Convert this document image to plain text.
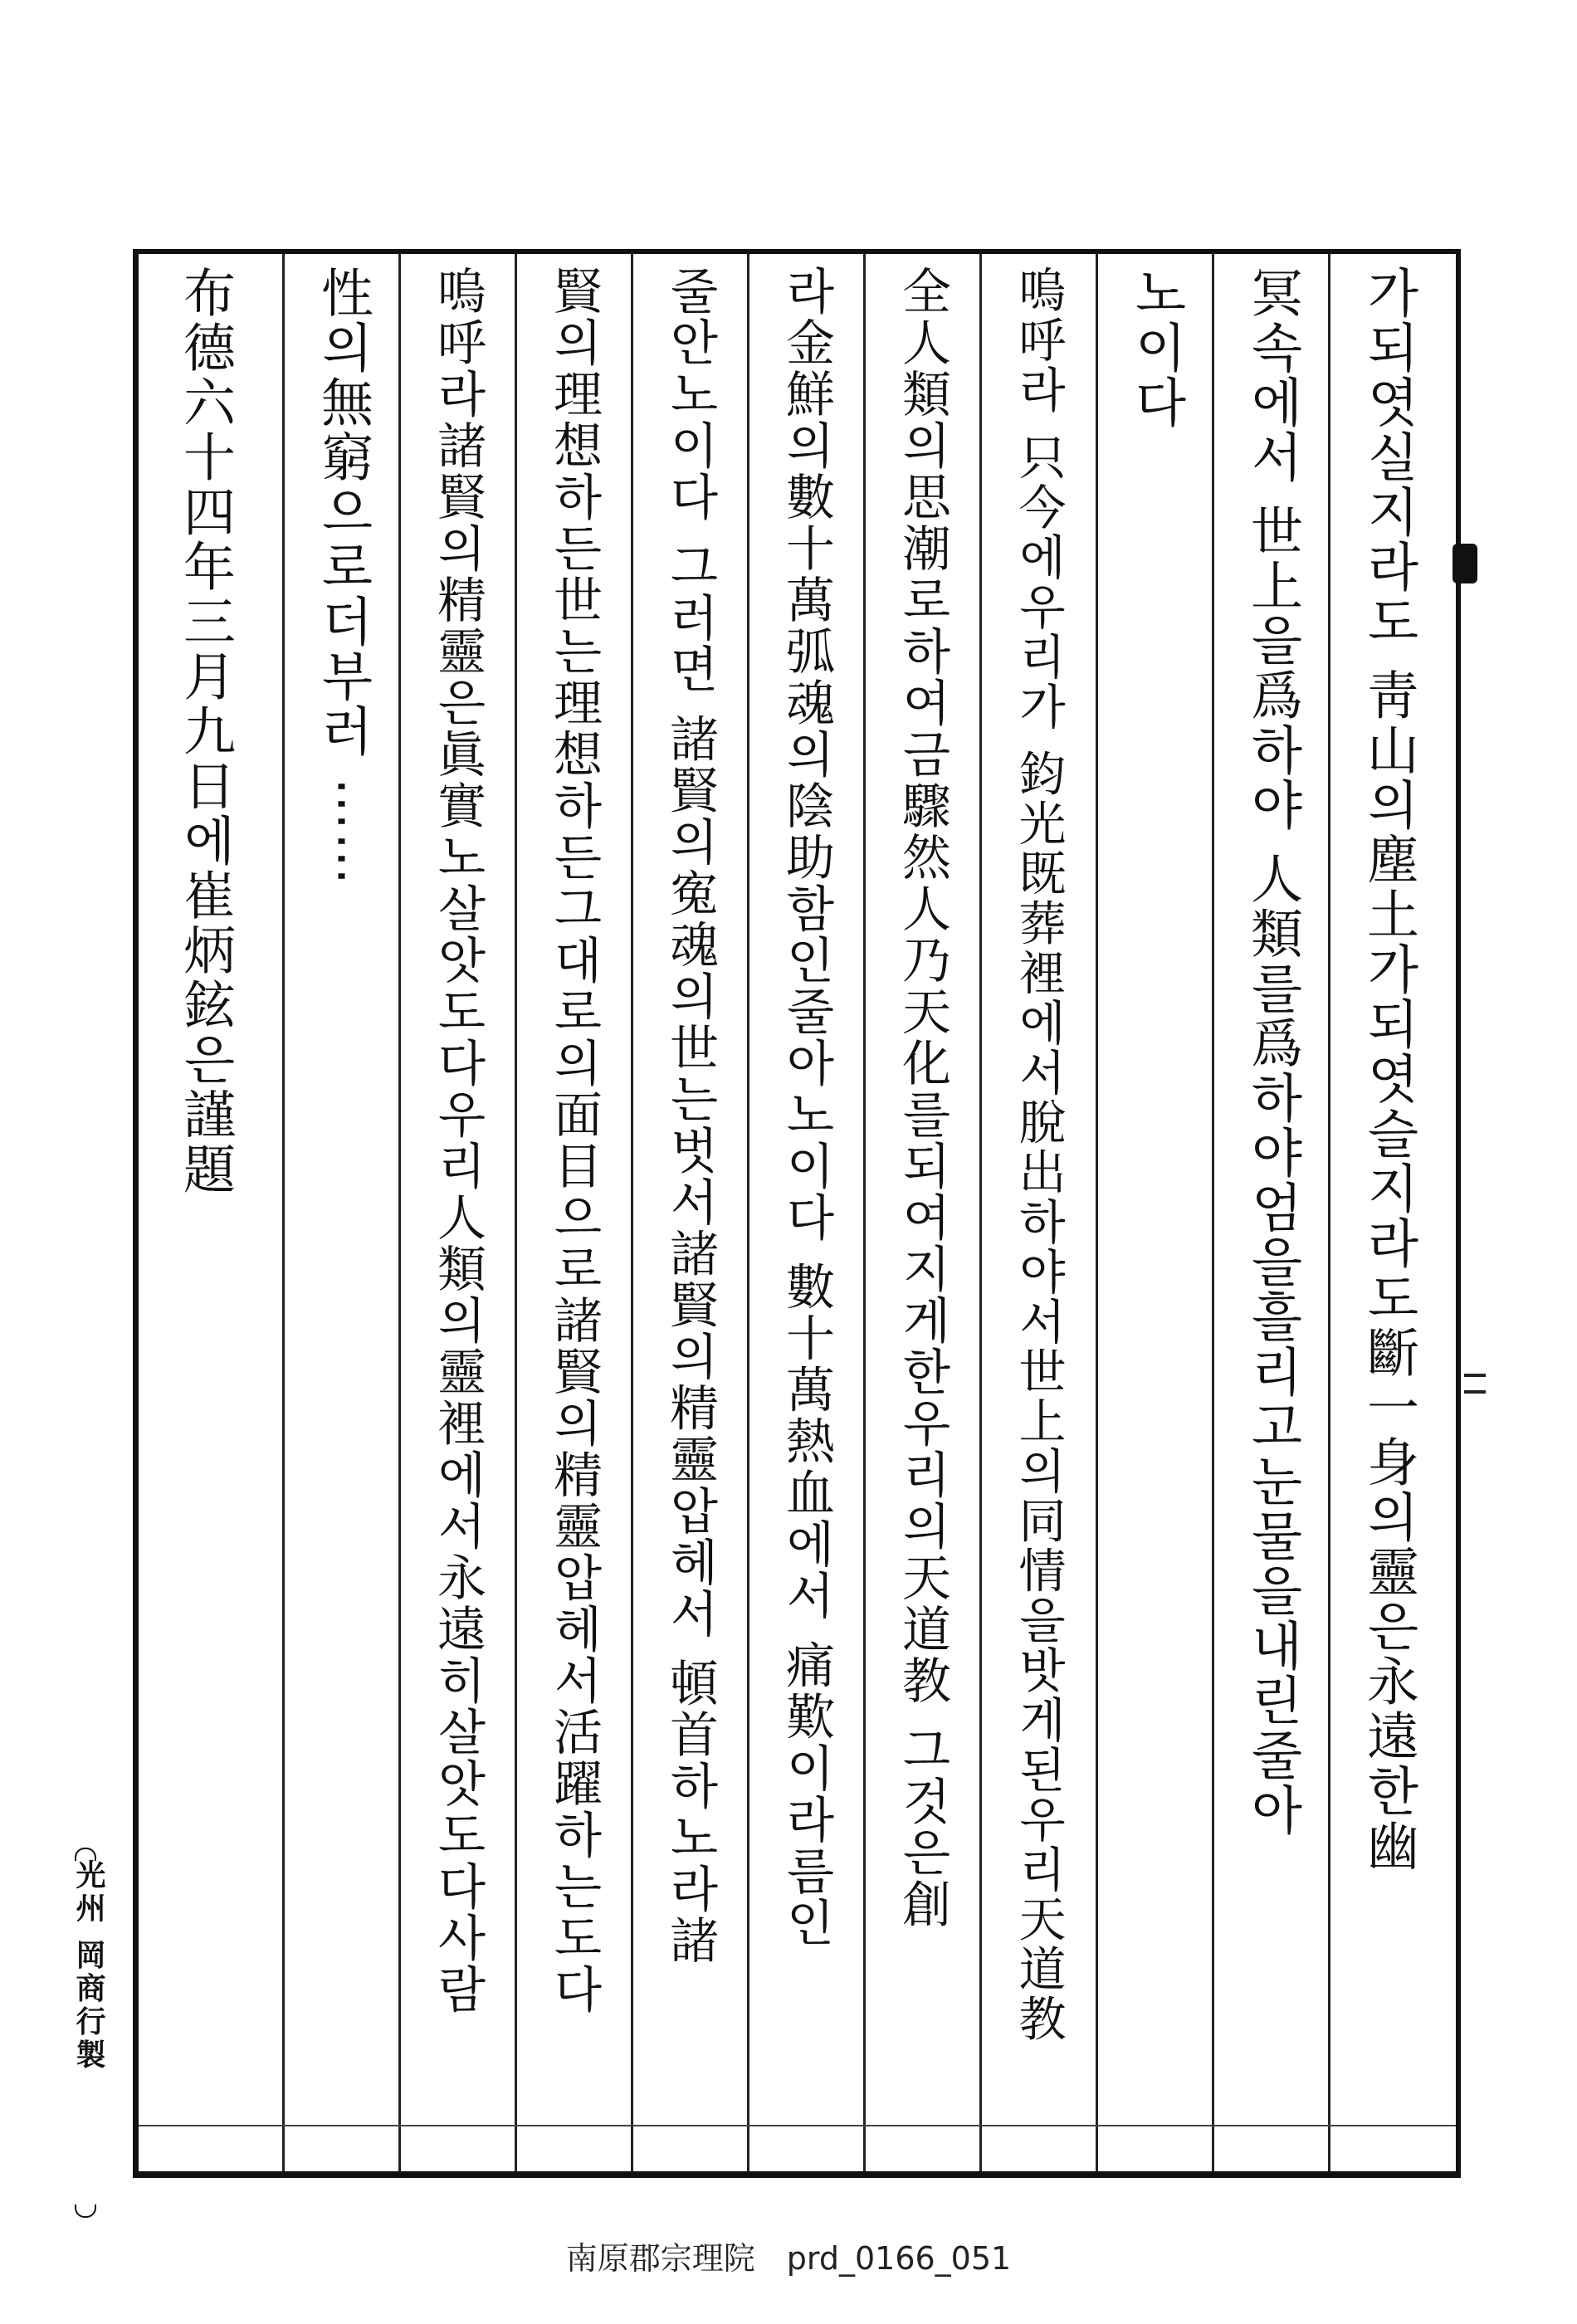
가되엿실지라도 靑山의塵土가되엿슬지라도斷一身의靈은永遠한幽
冥속에서 世上을爲하야 人類를爲하야엄을흘리고눈물을내린줄아
노이다
嗚呼라 只今에우리가 鈞光既葬裡에서脫出하야서世上의同情을밧게된우리天道教
全人類의思潮로하여금驟然人乃天化를되여지게한우리의天道教 그것은創
라金鮮의數十萬弧魂의陰助함인줄아노이다 數十萬熱血에서 痛歎이라름인
줄안노이다 그러면 諸賢의寃魂의世는벗서諸賢의精靈압헤서 頓首하노라諸
賢의理想하든世는理想하든그대로의面目으로諸賢의精靈압헤서活躍하는도다
嗚呼라諸賢의精靈은眞實노살앗도다우리人類의靈裡에서永遠히살앗도다사람
性의無窮으로더부러 ⋯⋯
布德六十四年三月九日에崔炳鉉은謹題
光州 岡商行製
南原郡宗理院　prd_0166_051
